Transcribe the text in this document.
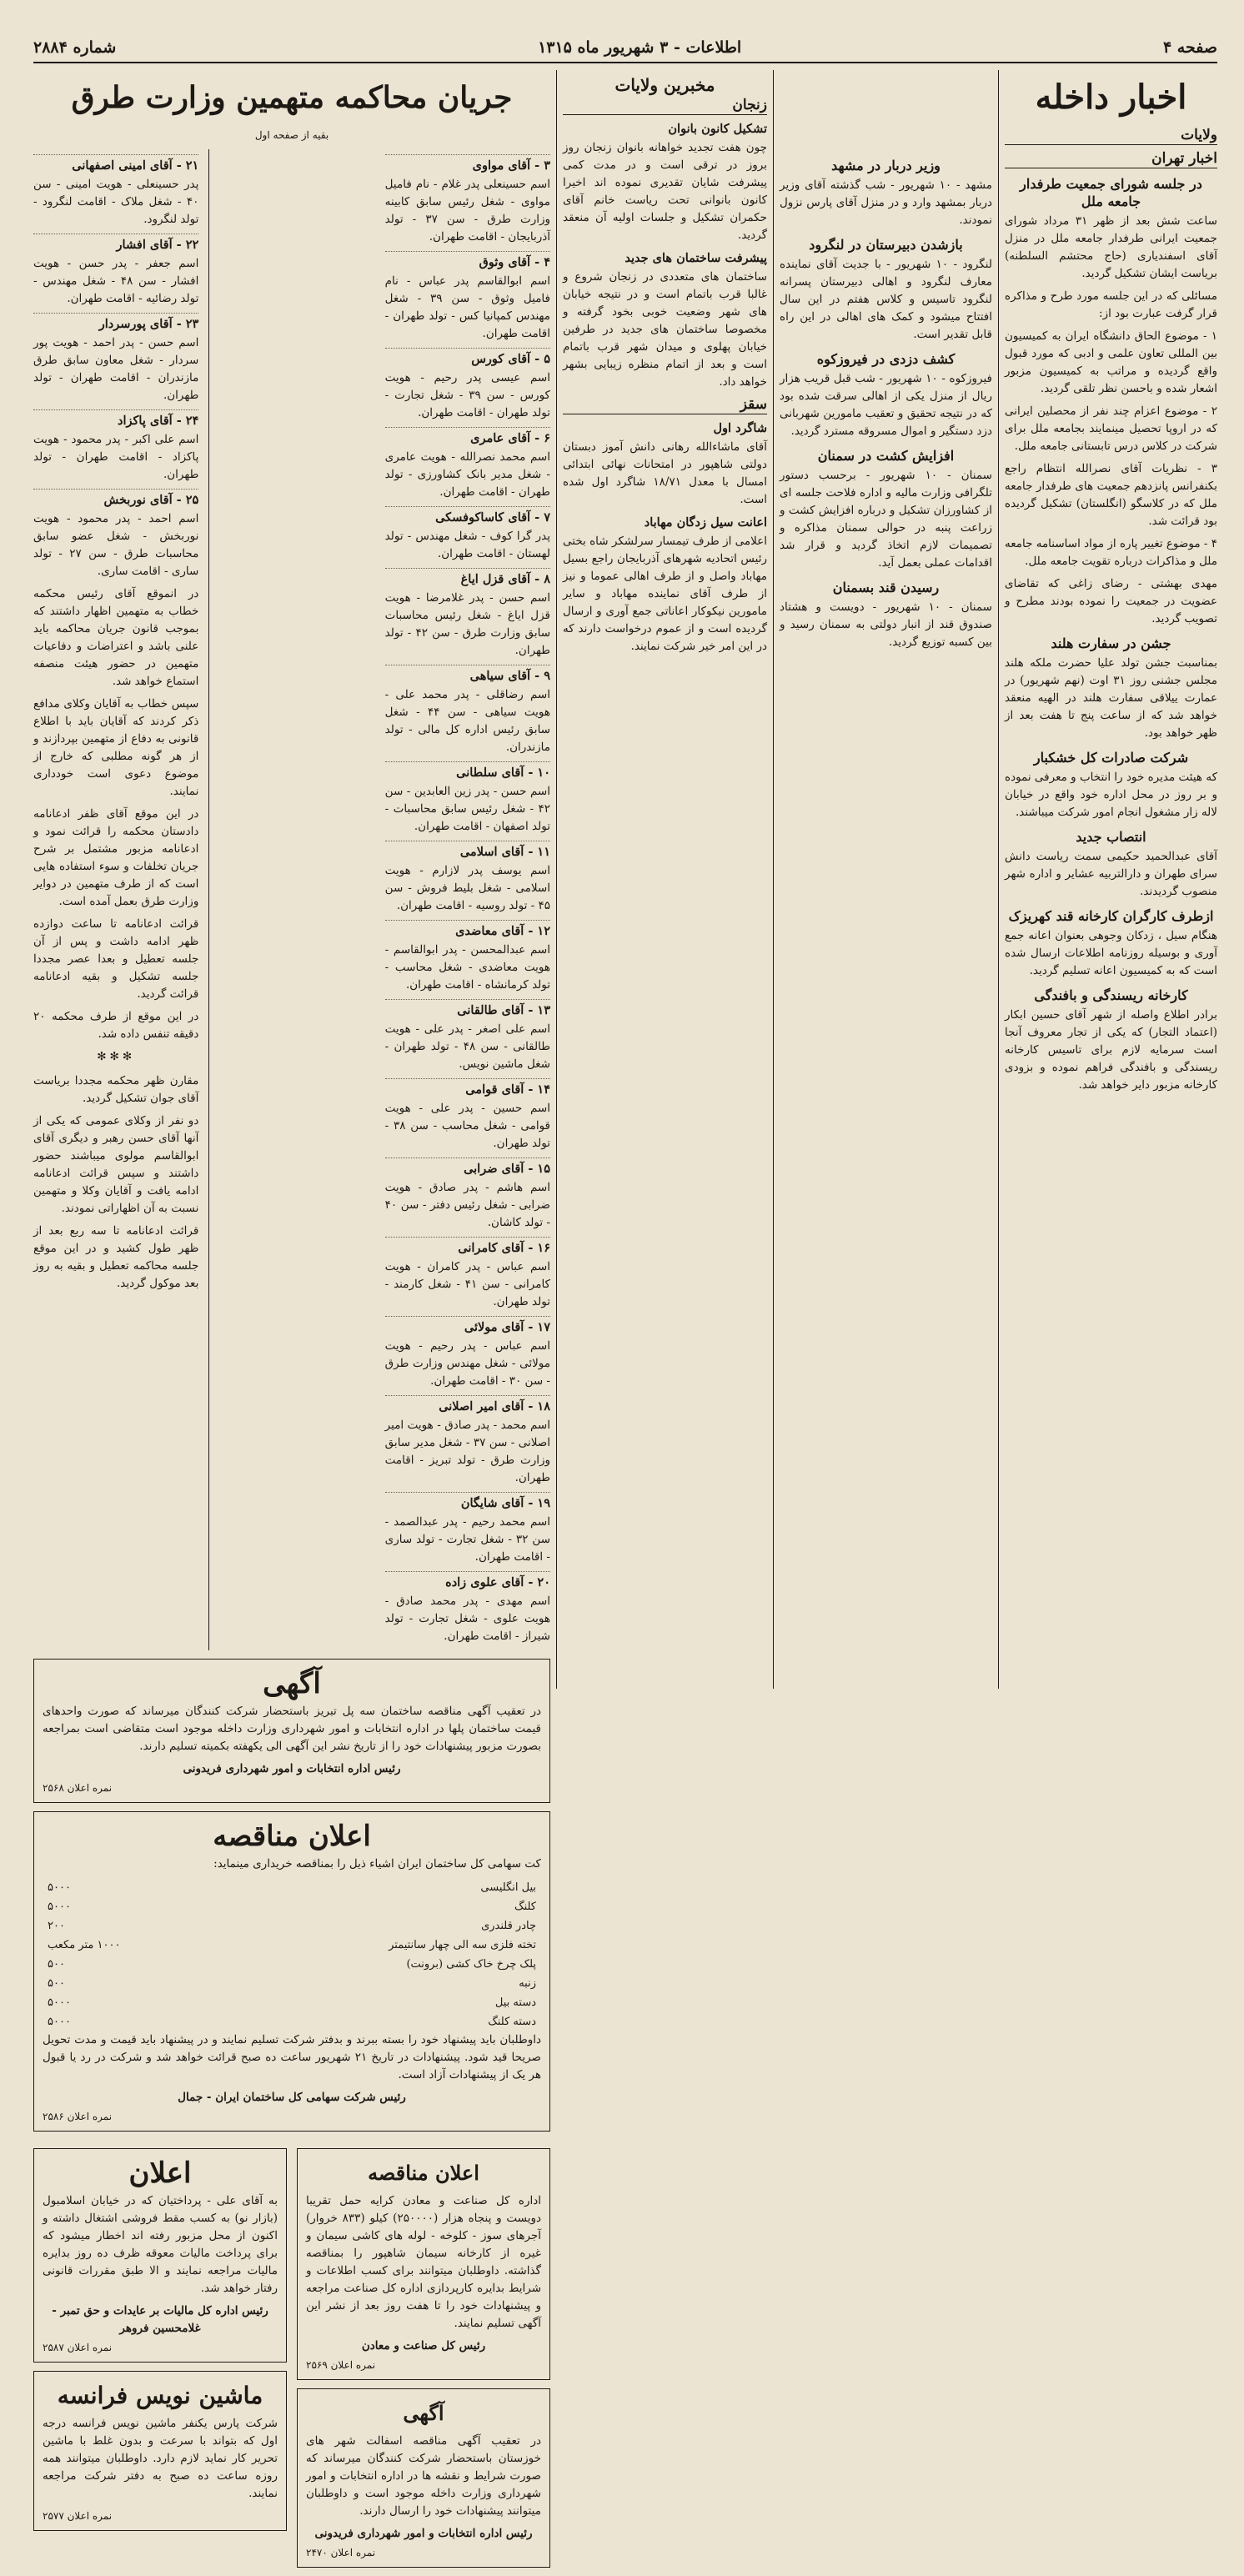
صفحه ۴
اطلاعات - ۳ شهریور ماه ۱۳۱۵
شماره ۲۸۸۴
اخبار داخله
ولایات
اخبار تهران
در جلسه شورای جمعیت طرفدار جامعه ملل

ساعت شش بعد از ظهر ۳۱ مرداد شورای جمعیت ایرانی طرفدار جامعه ملل در منزل آقای اسفندیاری (حاج محتشم السلطنه) بریاست ایشان تشکیل گردید.

مسائلی که در این جلسه مورد طرح و مذاکره قرار گرفت عبارت بود از:

۱ - موضوع الحاق دانشگاه ایران به کمیسیون بین المللی تعاون علمی و ادبی که مورد قبول واقع گردیده و مراتب به کمیسیون مزبور اشعار شده و باحسن نظر تلقی گردید.

۲ - موضوع اعزام چند نفر از محصلین ایرانی که در اروپا تحصیل مینمایند بجامعه ملل برای شرکت در کلاس درس تابستانی جامعه ملل.

۳ - نظریات آقای نصرالله انتظام راجع بکنفرانس پانزدهم جمعیت های طرفدار جامعه ملل که در کلاسگو (انگلستان) تشکیل گردیده بود قرائت شد.

۴ - موضوع تغییر پاره از مواد اساسنامه جامعه ملل و مذاکرات درباره تقویت جامعه ملل.

مهدی بهشتی - رضای زاغی که تقاضای عضویت در جمعیت را نموده بودند مطرح و تصویب گردید.

جشن در سفارت هلند

بمناسبت جشن تولد علیا حضرت ملکه هلند مجلس جشنی روز ۳۱ اوت (نهم شهریور) در عمارت ییلاقی سفارت هلند در الهیه منعقد خواهد شد که از ساعت پنج تا هفت بعد از ظهر خواهد بود.

شرکت صادرات کل خشکبار

که هیئت مدیره خود را انتخاب و معرفی نموده و بر روز در محل اداره خود واقع در خیابان لاله زار مشغول انجام امور شرکت میباشند.

انتصاب جدید

آقای عبدالحمید حکیمی سمت ریاست دانش سرای طهران و دارالتربیه عشایر و اداره شهر منصوب گردیدند.

ازطرف کارگران کارخانه قند کهریزک

هنگام سیل ، زدکان وجوهی بعنوان اعانه جمع آوری و بوسیله روزنامه اطلاعات ارسال شده است که به کمیسیون اعانه تسلیم گردید.

کارخانه ریسندگی و بافندگی

برادر اطلاع واصله از شهر آقای حسین ابکار (اعتماد التجار) که یکی از تجار معروف آنجا است سرمایه لازم برای تاسیس کارخانه ریسندگی و بافندگی فراهم نموده و بزودی کارخانه مزبور دایر خواهد شد.

وزیر دربار در مشهد

مشهد - ۱۰ شهریور - شب گذشته آقای وزیر دربار بمشهد وارد و در منزل آقای پارس نزول نمودند.

بازشدن دبیرستان در لنگرود

لنگرود - ۱۰ شهریور - با جدیت آقای نماینده معارف لنگرود و اهالی دبیرستان پسرانه لنگرود تاسیس و کلاس هفتم در این سال افتتاح میشود و کمک های اهالی در این راه قابل تقدیر است.

کشف دزدی در فیروزکوه

فیروزکوه - ۱۰ شهریور - شب قبل قریب هزار ریال از منزل یکی از اهالی سرقت شده بود که در نتیجه تحقیق و تعقیب مامورین شهربانی دزد دستگیر و اموال مسروقه مسترد گردید.

افزایش کشت در سمنان

سمنان - ۱۰ شهریور - برحسب دستور تلگرافی وزارت مالیه و اداره فلاحت جلسه ای از کشاورزان تشکیل و درباره افزایش کشت و زراعت پنبه در حوالی سمنان مذاکره و تصمیمات لازم اتخاذ گردید و قرار شد اقدامات عملی بعمل آید.

رسیدن قند بسمنان

سمنان - ۱۰ شهریور - دویست و هشتاد صندوق قند از انبار دولتی به سمنان رسید و بین کسبه توزیع گردید.

مخبرین ولایات
زنجان
تشکیل کانون بانوان

چون هفت تجدید خواهانه بانوان زنجان روز بروز در ترقی است و در مدت کمی پیشرفت شایان تقدیری نموده اند اخیرا کانون بانوانی تحت ریاست خانم آقای حکمران تشکیل و جلسات اولیه آن منعقد گردید.

پیشرفت ساختمان های جدید

ساختمان های متعددی در زنجان شروع و غالبا قرب باتمام است و در نتیجه خیابان های شهر وضعیت خوبی بخود گرفته و مخصوصا ساختمان های جدید در طرفین خیابان پهلوی و میدان شهر قرب باتمام است و بعد از اتمام منظره زیبایی بشهر خواهد داد.

سقز
شاگرد اول

آقای ماشاءالله رهانی دانش آموز دبستان دولتی شاهپور در امتحانات نهائی ابتدائی امسال با معدل ۱۸/۷۱ شاگرد اول شده است.

اعانت سیل زدگان مهاباد

اعلامی از طرف تیمسار سرلشکر شاه بختی رئیس اتحادیه شهرهای آذربایجان راجع بسیل مهاباد واصل و از طرف اهالی عموما و نیز از طرف آقای نماینده مهاباد و سایر مامورین نیکوکار اعاناتی جمع آوری و ارسال گردیده است و از عموم درخواست دارند که در این امر خیر شرکت نمایند.

جریان محاکمه متهمین وزارت طرق
بقیه از صفحه اول
۳ - آقای مواوی

اسم حسینعلی پدر غلام - نام فامیل مواوی - شغل رئیس سابق کابینه وزارت طرق - سن ۳۷ - تولد آذربایجان - اقامت طهران.

۴ - آقای وثوق

اسم ابوالقاسم پدر عباس - نام فامیل وثوق - سن ۳۹ - شغل مهندس کمپانیا کس - تولد طهران - اقامت طهران.

۵ - آقای کورس

اسم عیسی پدر رحیم - هویت کورس - سن ۳۹ - شغل تجارت - تولد طهران - اقامت طهران.

۶ - آقای عامری

اسم محمد نصرالله - هویت عامری - شغل مدیر بانک کشاورزی - تولد طهران - اقامت طهران.

۷ - آقای کاساکوفسکی

پدر گرا کوف - شغل مهندس - تولد لهستان - اقامت طهران.

۸ - آقای قزل ایاغ

اسم حسن - پدر غلامرضا - هویت قزل ایاغ - شغل رئیس محاسبات سابق وزارت طرق - سن ۴۲ - تولد طهران.

۹ - آقای سیاهی

اسم رضاقلی - پدر محمد علی - هویت سیاهی - سن ۴۴ - شغل سابق رئیس اداره کل مالی - تولد مازندران.

۱۰ - آقای سلطانی

اسم حسن - پدر زین العابدین - سن ۴۲ - شغل رئیس سابق محاسبات - تولد اصفهان - اقامت طهران.

۱۱ - آقای اسلامی

اسم یوسف پدر لازارم - هویت اسلامی - شغل بلیط فروش - سن ۴۵ - تولد روسیه - اقامت طهران.

۱۲ - آقای معاضدی

اسم عبدالمحسن - پدر ابوالقاسم - هویت معاضدی - شغل محاسب - تولد کرمانشاه - اقامت طهران.

۱۳ - آقای طالقانی

اسم علی اصغر - پدر علی - هویت طالقانی - سن ۴۸ - تولد طهران - شغل ماشین نویس.

۱۴ - آقای قوامی

اسم حسین - پدر علی - هویت قوامی - شغل محاسب - سن ۳۸ - تولد طهران.

۱۵ - آقای ضرابی

اسم هاشم - پدر صادق - هویت ضرابی - شغل رئیس دفتر - سن ۴۰ - تولد کاشان.

۱۶ - آقای کامرانی

اسم عباس - پدر کامران - هویت کامرانی - سن ۴۱ - شغل کارمند - تولد طهران.

۱۷ - آقای مولائی

اسم عباس - پدر رحیم - هویت مولائی - شغل مهندس وزارت طرق - سن ۳۰ - اقامت طهران.

۱۸ - آقای امیر اصلانی

اسم محمد - پدر صادق - هویت امیر اصلانی - سن ۳۷ - شغل مدیر سابق وزارت طرق - تولد تبریز - اقامت طهران.

۱۹ - آقای شایگان

اسم محمد رحیم - پدر عبدالصمد - سن ۳۲ - شغل تجارت - تولد ساری - اقامت طهران.

۲۰ - آقای علوی زاده

اسم مهدی - پدر محمد صادق - هویت علوی - شغل تجارت - تولد شیراز - اقامت طهران.

۲۱ - آقای امینی اصفهانی

پدر حسینعلی - هویت امینی - سن ۴۰ - شغل ملاک - اقامت لنگرود - تولد لنگرود.

۲۲ - آقای افشار

اسم جعفر - پدر حسن - هویت افشار - سن ۴۸ - شغل مهندس - تولد رضائیه - اقامت طهران.

۲۳ - آقای پورسردار

اسم حسن - پدر احمد - هویت پور سردار - شغل معاون سابق طرق مازندران - اقامت طهران - تولد طهران.

۲۴ - آقای پاکزاد

اسم علی اکبر - پدر محمود - هویت پاکزاد - اقامت طهران - تولد طهران.

۲۵ - آقای نوربخش

اسم احمد - پدر محمود - هویت نوربخش - شغل عضو سابق محاسبات طرق - سن ۲۷ - تولد ساری - اقامت ساری.

در انموقع آقای رئیس محکمه خطاب به متهمین اظهار داشتند که بموجب قانون جریان محاکمه باید علنی باشد و اعتراضات و دفاعیات متهمین در حضور هیئت منصفه استماع خواهد شد.

سپس خطاب به آقایان وکلای مدافع ذکر کردند که آقایان باید با اطلاع قانونی به دفاع از متهمین بپردازند و از هر گونه مطلبی که خارج از موضوع دعوی است خودداری نمایند.

در این موقع آقای ظفر ادعانامه دادستان محکمه را قرائت نمود و ادعانامه مزبور مشتمل بر شرح جریان تخلفات و سوء استفاده هایی است که از طرف متهمین در دوایر وزارت طرق بعمل آمده است.

قرائت ادعانامه تا ساعت دوازده ظهر ادامه داشت و پس از آن جلسه تعطیل و بعدا عصر مجددا جلسه تشکیل و بقیه ادعانامه قرائت گردید.

در این موقع از طرف محکمه ۲۰ دقیقه تنفس داده شد.

✻✻✻

مقارن ظهر محکمه مجددا بریاست آقای جوان تشکیل گردید.

دو نفر از وکلای عمومی که یکی از آنها آقای حسن رهبر و دیگری آقای ابوالقاسم مولوی میباشند حضور داشتند و سپس قرائت ادعانامه ادامه یافت و آقایان وکلا و متهمین نسبت به آن اظهاراتی نمودند.

قرائت ادعانامه تا سه ربع بعد از ظهر طول کشید و در این موقع جلسه محاکمه تعطیل و بقیه به روز بعد موکول گردید.

آگهی

در تعقیب آگهی مناقصه ساختمان سه پل تبریز باستحضار شرکت کنندگان میرساند که صورت واحدهای قیمت ساختمان پلها در اداره انتخابات و امور شهرداری وزارت داخله موجود است متقاضی است بمراجعه بصورت مزبور پیشنهادات خود را از تاریخ نشر این آگهی الی یکهفته بکمیته تسلیم دارند.

رئیس اداره انتخابات و امور شهرداری فریدونی
نمره اعلان ۲۵۶۸
اعلان مناقصه

کت سهامی کل ساختمان ایران اشیاء ذیل را بمناقصه خریداری مینماید:

بیل انگلیسی	۵۰۰۰
کلنگ	۵۰۰۰
چادر قلندری	۲۰۰
تخته فلزی سه الی چهار سانتیمتر	۱۰۰۰ متر مکعب
پلک چرخ خاک کشی (برونت)	۵۰۰
زنبه	۵۰۰
دسته بیل	۵۰۰۰
دسته کلنگ	۵۰۰۰

داوطلبان باید پیشنهاد خود را بسته ببرند و بدفتر شرکت تسلیم نمایند و در پیشنهاد باید قیمت و مدت تحویل صریحا قید شود. پیشنهادات در تاریخ ۲۱ شهریور ساعت ده صبح قرائت خواهد شد و شرکت در رد یا قبول هر یک از پیشنهادات آزاد است.

رئیس شرکت سهامی کل ساختمان ایران - جمال
نمره اعلان ۲۵۸۶
اعلان مناقصه

اداره کل صناعت و معادن کرایه حمل تقریبا دویست و پنجاه هزار (۲۵۰۰۰۰) کیلو (۸۳۳ خروار) آجرهای سوز - کلوخه - لوله های کاشی سیمان و غیره از کارخانه سیمان شاهپور را بمناقصه گذاشته. داوطلبان میتوانند برای کسب اطلاعات و شرایط بدایره کارپردازی اداره کل صناعت مراجعه و پیشنهادات خود را تا هفت روز بعد از نشر این آگهی تسلیم نمایند.

رئیس کل صناعت و معادن
نمره اعلان ۲۵۶۹
آگهی

در تعقیب آگهی مناقصه اسفالت شهر های خوزستان باستحضار شرکت کنندگان میرساند که صورت شرایط و نقشه ها در اداره انتخابات و امور شهرداری وزارت داخله موجود است و داوطلبان میتوانند پیشنهادات خود را ارسال دارند.

رئیس اداره انتخابات و امور شهرداری فریدونی
نمره اعلان ۲۴۷۰
اعلان

به آقای علی - پرداختیان که در خیابان اسلامبول (بازار نو) به کسب مقط فروشی اشتغال داشته و اکنون از محل مزبور رفته اند اخطار میشود که برای پرداخت مالیات معوقه ظرف ده روز بدایره مالیات مراجعه نمایند و الا طبق مقررات قانونی رفتار خواهد شد.

رئیس اداره کل مالیات بر عایدات و حق تمبر - غلامحسین فروهر
نمره اعلان ۲۵۸۷
ماشین نویس فرانسه

شرکت پارس یکنفر ماشین نویس فرانسه درجه اول که بتواند با سرعت و بدون غلط با ماشین تحریر کار نماید لازم دارد. داوطلبان میتوانند همه روزه ساعت ده صبح به دفتر شرکت مراجعه نمایند.

نمره اعلان ۲۵۷۷
